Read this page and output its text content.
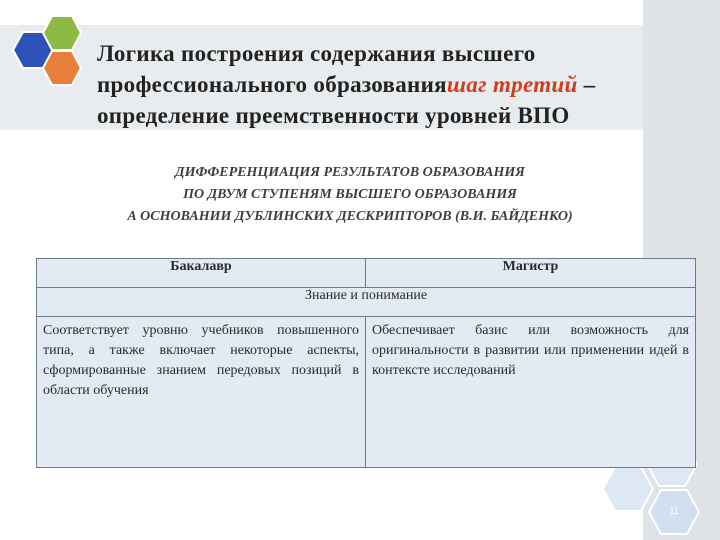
Логика построения содержания высшего профессионального образованияшаг третий – определение преемственности уровней ВПО
ДИФФЕРЕНЦИАЦИЯ РЕЗУЛЬТАТОВ ОБРАЗОВАНИЯ
ПО ДВУМ СТУПЕНЯМ ВЫСШЕГО ОБРАЗОВАНИЯ
А ОСНОВАНИИ ДУБЛИНСКИХ ДЕСКРИПТОРОВ (В.И. БАЙДЕНКО)
Бакалавр	Магистр
Знание и понимание	
Соответствует уровню учебников повышенного типа, а также включает некоторые аспекты, сформированные знанием передовых позиций в области обучения	Обеспечивает базис или возможность для оригинальности в развитии или применении идей в контексте исследований
11
